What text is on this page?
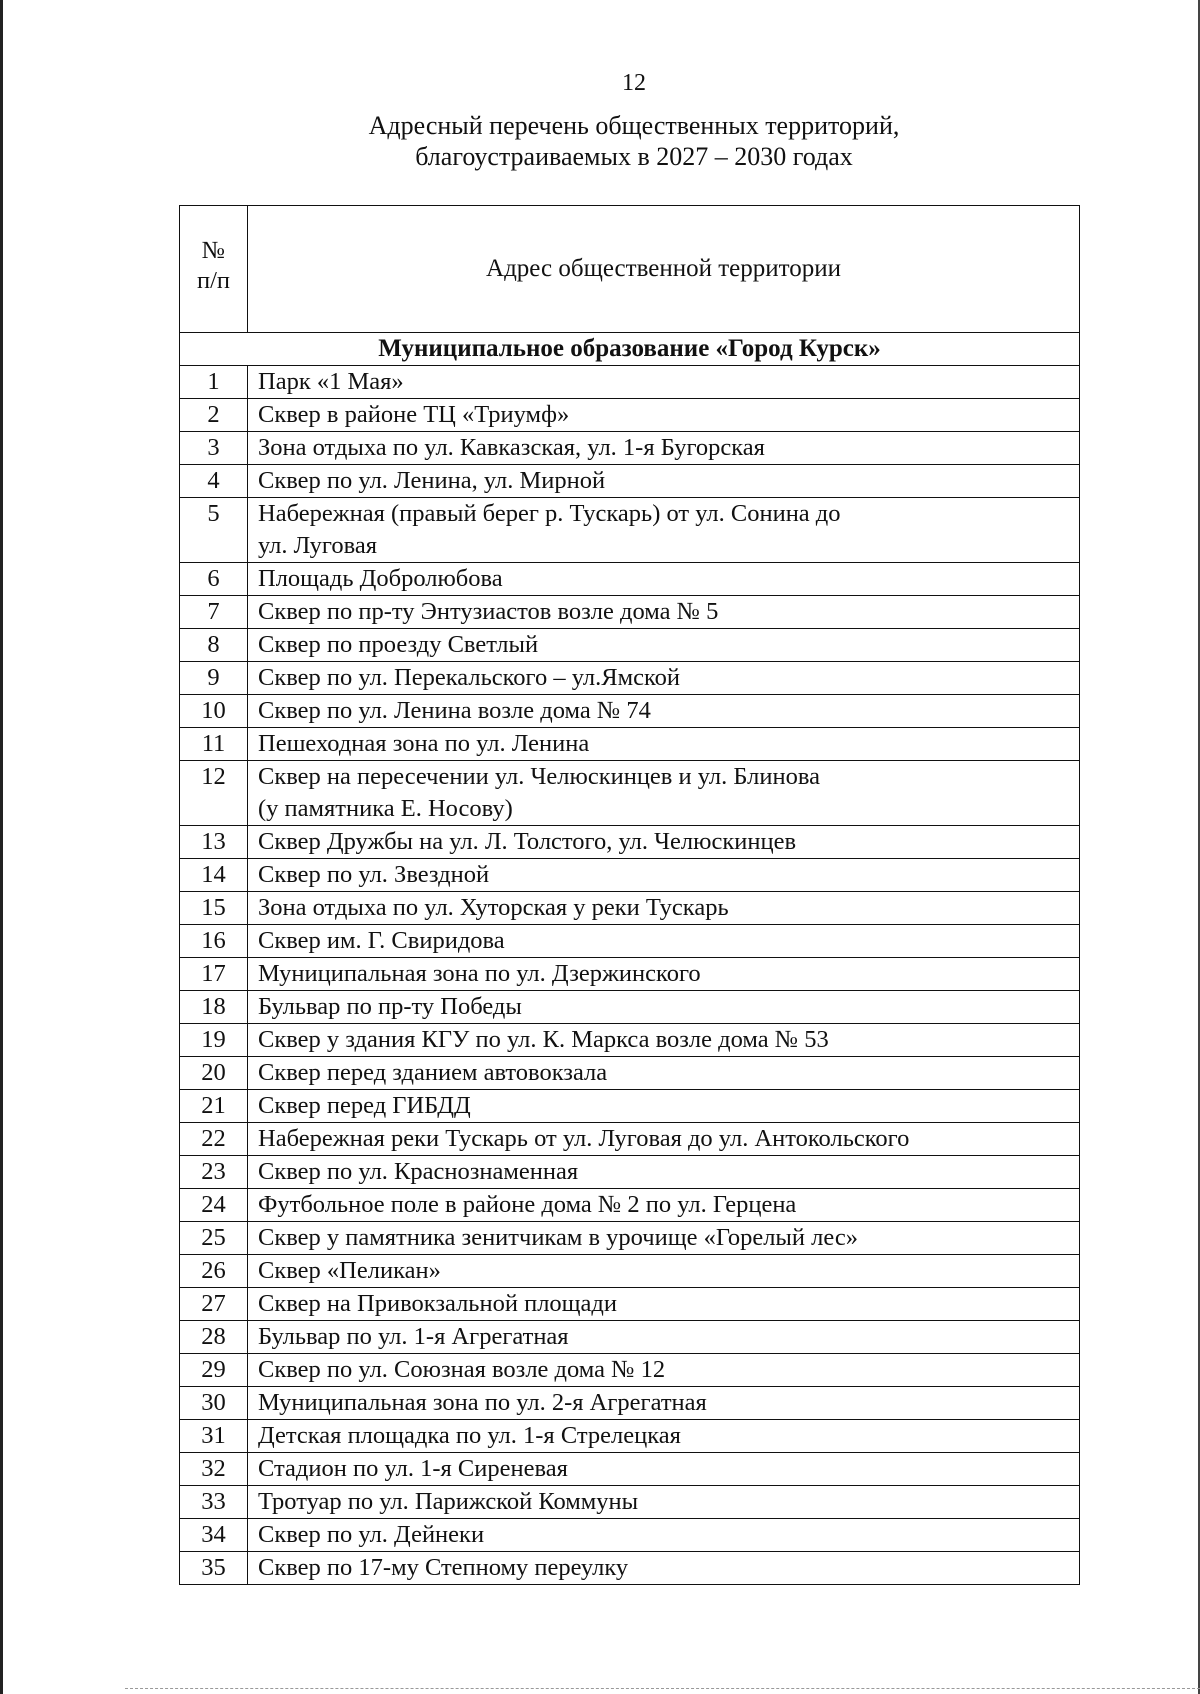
12
Адресный перечень общественных территорий,
благоустраиваемых в 2027 – 2030 годах
№
п/п	Адрес общественной территории
Муниципальное образование «Город Курск»	
1	Парк «1 Мая»

2	Сквер в районе ТЦ «Триумф»

3	Зона отдыха по ул. Кавказская, ул. 1-я Бугорская

4	Сквер по ул. Ленина, ул. Мирной

5	Набережная (правый берег р. Тускарь) от ул. Сонина до
ул. Луговая

6	Площадь Добролюбова

7	Сквер по пр-ту Энтузиастов возле дома № 5

8	Сквер по проезду Светлый

9	Сквер по ул. Перекальского – ул.Ямской

10	Сквер по ул. Ленина возле дома № 74

11	Пешеходная зона по ул. Ленина

12	Сквер на пересечении ул. Челюскинцев и ул. Блинова
(у памятника Е. Носову)

13	Сквер Дружбы на ул. Л. Толстого, ул. Челюскинцев

14	Сквер по ул. Звездной

15	Зона отдыха по ул. Хуторская у реки Тускарь

16	Сквер им. Г. Свиридова

17	Муниципальная зона по ул. Дзержинского

18	Бульвар по пр-ту Победы

19	Сквер у здания КГУ по ул. К. Маркса возле дома № 53

20	Сквер перед зданием автовокзала

21	Сквер перед ГИБДД

22	Набережная реки Тускарь от ул. Луговая до ул. Антокольского

23	Сквер по ул. Краснознаменная

24	Футбольное поле в районе дома № 2 по ул. Герцена

25	Сквер у памятника зенитчикам в урочище «Горелый лес»

26	Сквер «Пеликан»

27	Сквер на Привокзальной площади

28	Бульвар по ул. 1-я Агрегатная

29	Сквер по ул. Союзная возле дома № 12

30	Муниципальная зона по ул. 2-я Агрегатная

31	Детская площадка по ул. 1-я Стрелецкая

32	Стадион по ул. 1-я Сиреневая

33	Тротуар по ул. Парижской Коммуны

34	Сквер по ул. Дейнеки

35	Сквер по 17-му Степному переулку
